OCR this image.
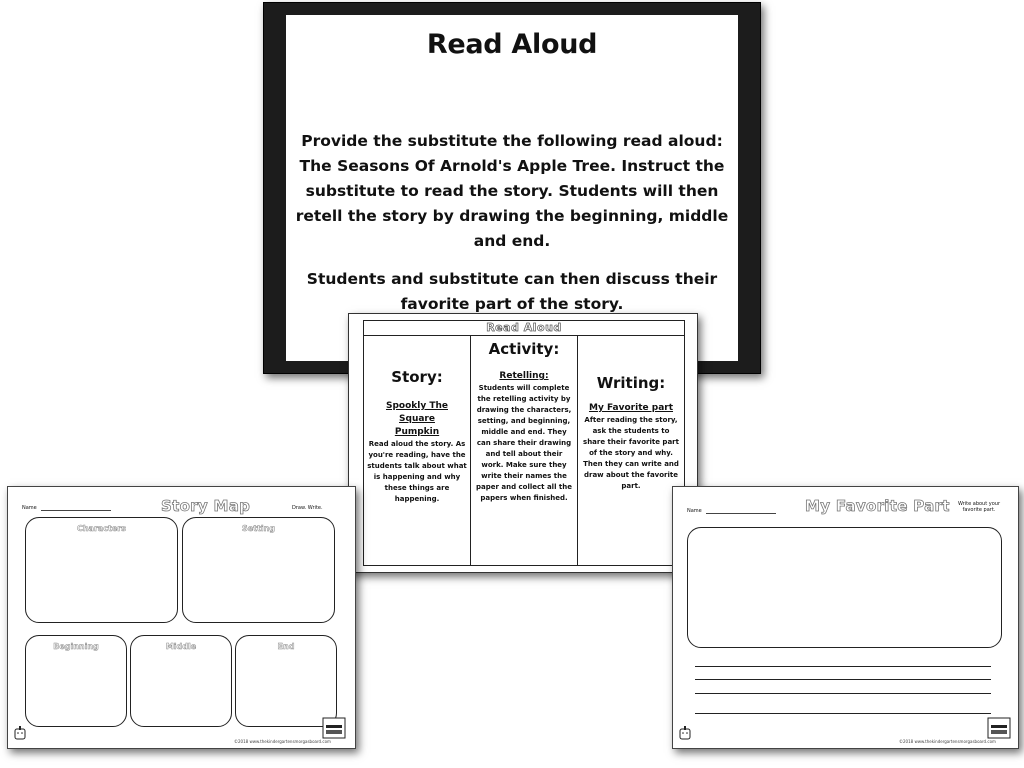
Read Aloud

Provide the substitute the following read aloud: The Seasons Of Arnold's Apple Tree. Instruct the substitute to read the story. Students will then retell the story by drawing the beginning, middle and end.

Students and substitute can then discuss their favorite part of the story.

Read Aloud
Story:
Spookly The Square Pumpkin
Read aloud the story. As you're reading, have the students talk about what is happening and why these things are happening.
Activity:
Retelling:
Students will complete the retelling activity by drawing the characters, setting, and beginning, middle and end. They can share their drawing and tell about their work. Make sure they write their names the paper and collect all the papers when finished.
Writing:
My Favorite part
After reading the story, ask the students to share their favorite part of the story and why. Then they can write and draw about the favorite part.
Name	Story Map	Draw. Write.
Characters	Setting
Beginning	Middle	End
©2018 www.thekindergartensmorgasboard.com
Name	My Favorite Part Write about your favorite part.
©2018 www.thekindergartensmorgasboard.com
